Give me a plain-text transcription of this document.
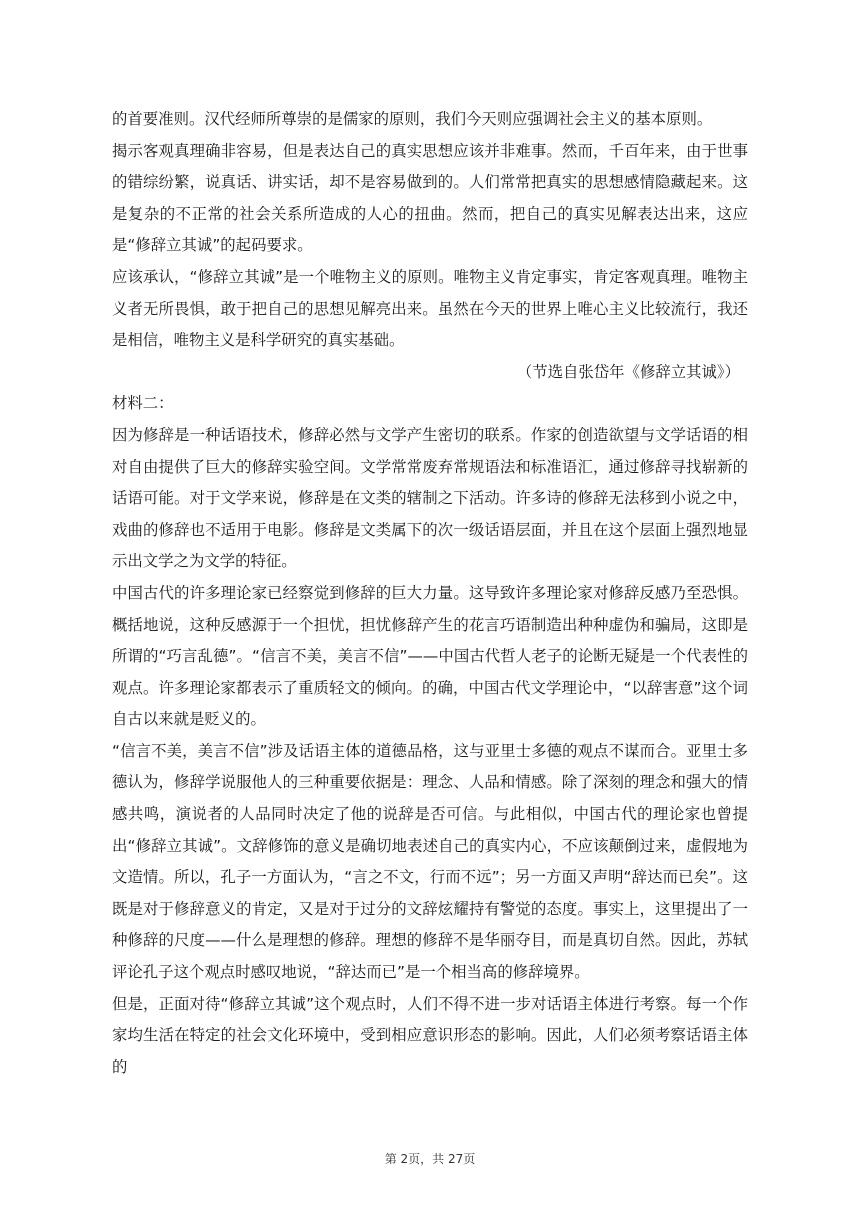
的首要准则。汉代经师所尊崇的是儒家的原则，我们今天则应强调社会主义的基本原则。

揭示客观真理确非容易，但是表达自己的真实思想应该并非难事。然而，千百年来，由于世事的错综纷繁，说真话、讲实话，却不是容易做到的。人们常常把真实的思想感情隐藏起来。这是复杂的不正常的社会关系所造成的人心的扭曲。然而，把自己的真实见解表达出来，这应是“修辞立其诚”的起码要求。

应该承认，“修辞立其诚”是一个唯物主义的原则。唯物主义肯定事实，肯定客观真理。唯物主义者无所畏惧，敢于把自己的思想见解亮出来。虽然在今天的世界上唯心主义比较流行，我还是相信，唯物主义是科学研究的真实基础。

（节选自张岱年《修辞立其诚》）

材料二：

因为修辞是一种话语技术，修辞必然与文学产生密切的联系。作家的创造欲望与文学话语的相对自由提供了巨大的修辞实验空间。文学常常废弃常规语法和标准语汇，通过修辞寻找崭新的话语可能。对于文学来说，修辞是在文类的辖制之下活动。许多诗的修辞无法移到小说之中，戏曲的修辞也不适用于电影。修辞是文类属下的次一级话语层面，并且在这个层面上强烈地显示出文学之为文学的特征。

中国古代的许多理论家已经察觉到修辞的巨大力量。这导致许多理论家对修辞反感乃至恐惧。概括地说，这种反感源于一个担忧，担忧修辞产生的花言巧语制造出种种虚伪和骗局，这即是所谓的“巧言乱德”。“信言不美，美言不信”——中国古代哲人老子的论断无疑是一个代表性的观点。许多理论家都表示了重质轻文的倾向。的确，中国古代文学理论中，“以辞害意”这个词自古以来就是贬义的。

“信言不美，美言不信”涉及话语主体的道德品格，这与亚里士多德的观点不谋而合。亚里士多德认为，修辞学说服他人的三种重要依据是：理念、人品和情感。除了深刻的理念和强大的情感共鸣，演说者的人品同时决定了他的说辞是否可信。与此相似，中国古代的理论家也曾提出“修辞立其诚”。文辞修饰的意义是确切地表述自己的真实内心，不应该颠倒过来，虚假地为文造情。所以，孔子一方面认为，“言之不文，行而不远”；另一方面又声明“辞达而已矣”。这既是对于修辞意义的肯定，又是对于过分的文辞炫耀持有警觉的态度。事实上，这里提出了一种修辞的尺度——什么是理想的修辞。理想的修辞不是华丽夺目，而是真切自然。因此，苏轼评论孔子这个观点时感叹地说，“辞达而已”是一个相当高的修辞境界。

但是，正面对待“修辞立其诚”这个观点时，人们不得不进一步对话语主体进行考察。每一个作家均生活在特定的社会文化环境中，受到相应意识形态的影响。因此，人们必须考察话语主体的

第 2页，共 27页
